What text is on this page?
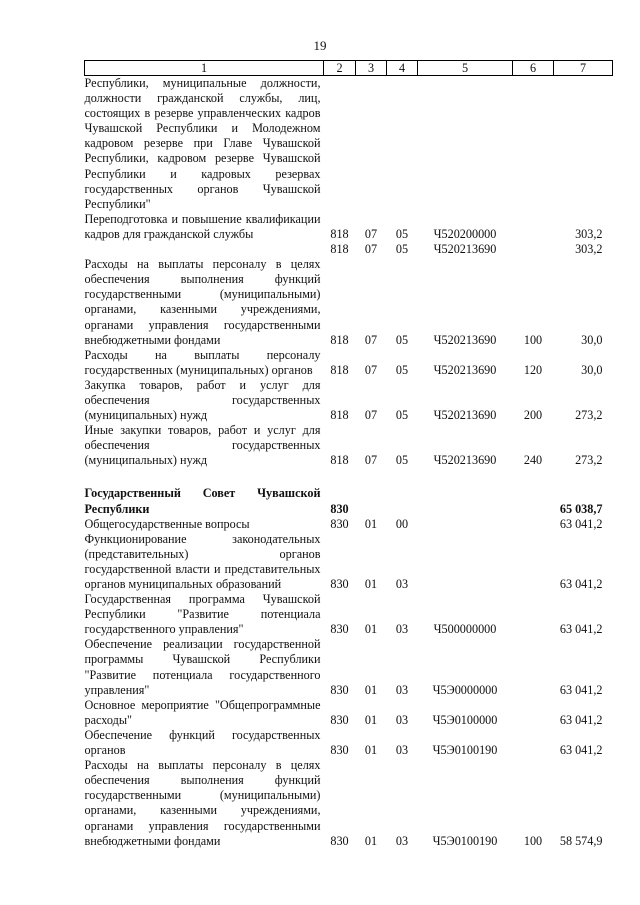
19
1	2	3	4	5	6	7
Республики, муниципальные должности, должности гражданской службы, лиц, состоящих в резерве управленческих кадров Чувашской Республики и Молодежном кадровом резерве при Главе Чувашской Республики, кадровом резерве Чувашской Республики и кадровых резервах государственных органов Чувашской Республики"						
Переподготовка и повышение квалификации кадров для гражданской службы	818	07	05	Ч520200000		303,2
	818	07	05	Ч520213690		303,2
Расходы на выплаты персоналу в целях обеспечения выполнения функций государственными (муниципальными) органами, казенными учреждениями, органами управления государственными внебюджетными фондами	818	07	05	Ч520213690	100	30,0
Расходы на выплаты персоналу государственных (муниципальных) органов	818	07	05	Ч520213690	120	30,0
Закупка товаров, работ и услуг для обеспечения государственных (муниципальных) нужд	818	07	05	Ч520213690	200	273,2
Иные закупки товаров, работ и услуг для обеспечения государственных (муниципальных) нужд	818	07	05	Ч520213690	240	273,2

Государственный Совет Чувашской Республики	830					65 038,7
Общегосударственные вопросы	830	01	00			63 041,2
Функционирование законодательных (представительных) органов государственной власти и представительных органов муниципальных образований	830	01	03			63 041,2
Государственная программа Чувашской Республики "Развитие потенциала государственного управления"	830	01	03	Ч500000000		63 041,2
Обеспечение реализации государственной программы Чувашской Республики "Развитие потенциала государственного управления"	830	01	03	Ч5Э0000000		63 041,2
Основное мероприятие "Общепрограммные расходы"	830	01	03	Ч5Э0100000		63 041,2
Обеспечение функций государственных органов	830	01	03	Ч5Э0100190		63 041,2
Расходы на выплаты персоналу в целях обеспечения выполнения функций государственными (муниципальными) органами, казенными учреждениями, органами управления государственными внебюджетными фондами	830	01	03	Ч5Э0100190	100	58 574,9
